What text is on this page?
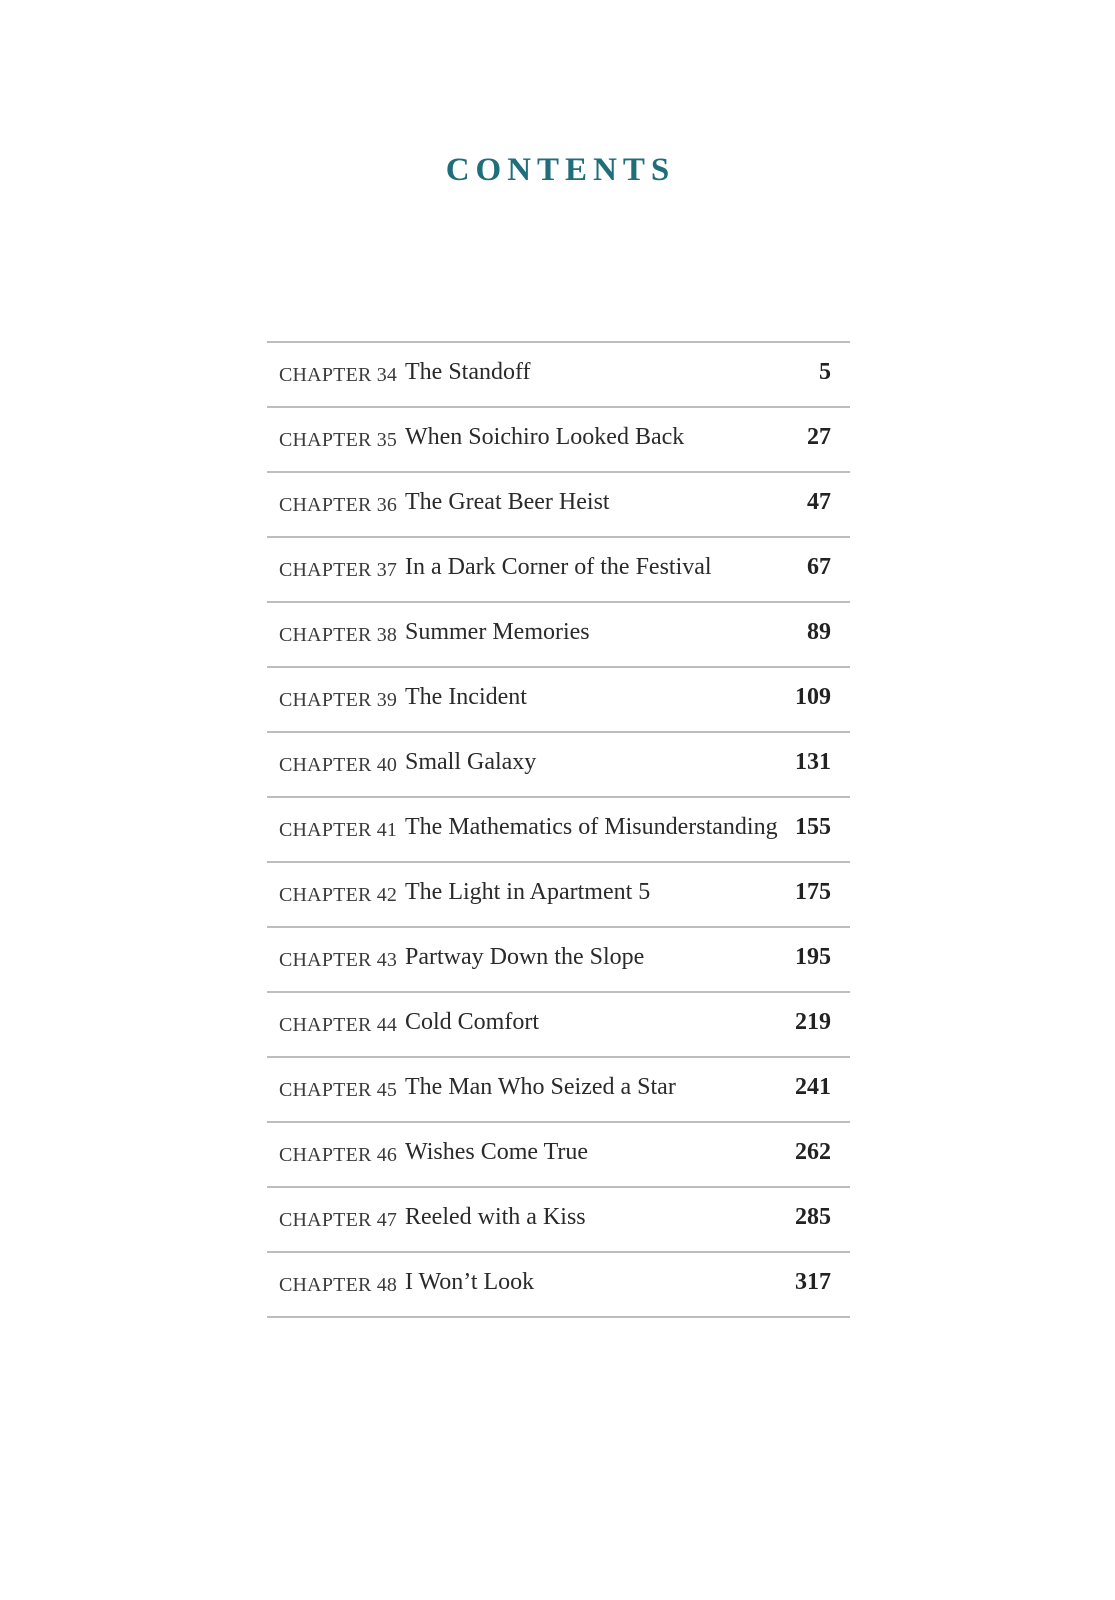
CONTENTS
CHAPTER 34 The Standoff	5
CHAPTER 35 When Soichiro Looked Back	27
CHAPTER 36 The Great Beer Heist	47
CHAPTER 37 In a Dark Corner of the Festival	67
CHAPTER 38 Summer Memories	89
CHAPTER 39 The Incident	109
CHAPTER 40 Small Galaxy	131
CHAPTER 41 The Mathematics of Misunderstanding 155
CHAPTER 42 The Light in Apartment 5	175
CHAPTER 43 Partway Down the Slope	195
CHAPTER 44 Cold Comfort	219
CHAPTER 45 The Man Who Seized a Star	241
CHAPTER 46 Wishes Come True	262
CHAPTER 47 Reeled with a Kiss	285
CHAPTER 48 I Won’t Look	317
